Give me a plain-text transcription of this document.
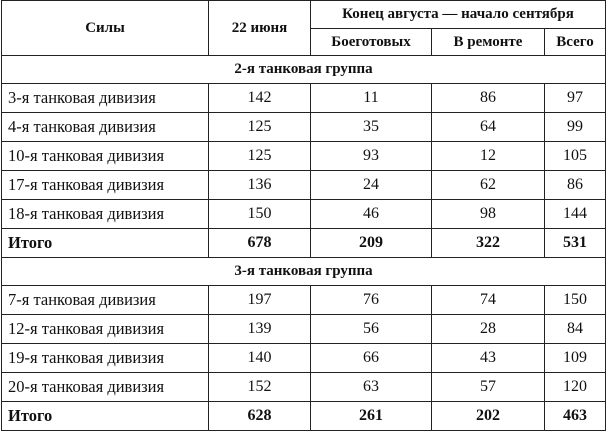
Силы	22 июня	Конец августа — начало сентября		
		Боеготовых	В ремонте	Всего
2-я танковая группа				
3-я танковая дивизия	142	11	86	97
4-я танковая дивизия	125	35	64	99
10-я танковая дивизия	125	93	12	105
17-я танковая дивизия	136	24	62	86
18-я танковая дивизия	150	46	98	144
Итого	678	209	322	531
3-я танковая группа				
7-я танковая дивизия	197	76	74	150
12-я танковая дивизия	139	56	28	84
19-я танковая дивизия	140	66	43	109
20-я танковая дивизия	152	63	57	120
Итого	628	261	202	463
